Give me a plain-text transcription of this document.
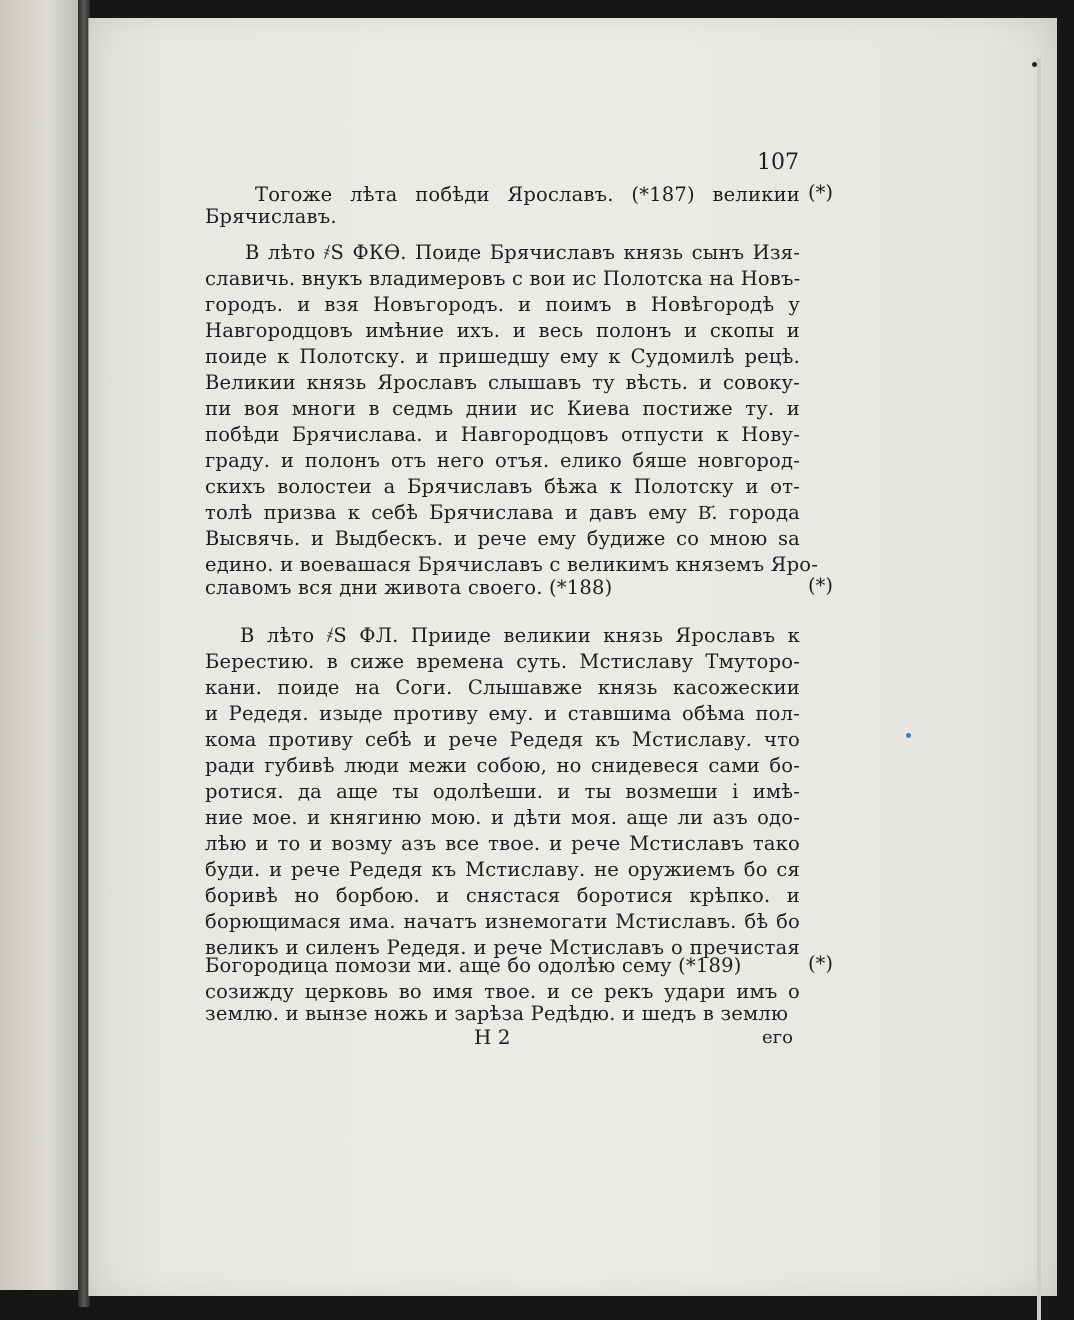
107
Тогоже лѣта побѣди Ярославъ. (*187) великии
Брячиславъ.
В лѣто ҂Ѕ ФКѲ. Поиде Брячиславъ князь сынъ Изя-
славичь. внукъ владимеровъ с вои ис Полотска на Новъ-
городъ. и взя Новъгородъ. и поимъ в Новѣгородѣ у
Навгородцовъ имѣние ихъ. и весь полонъ и скопы и
поиде к Полотску. и пришедшу ему к Судомилѣ рецѣ.
Великии князь Ярославъ слышавъ ту вѣсть. и совоку-
пи воя многи в седмь днии ис Киева постиже ту. и
побѣди Брячислава. и Навгородцовъ отпусти к Нову-
граду. и полонъ отъ него отъя. елико бяше новгород-
скихъ волостеи а Брячиславъ бѣжа к Полотску и от-
толѣ призва к себѣ Брячислава и давъ ему В҃. города
Высвячь. и Выдбескъ. и рече ему будиже со мною ѕа
едино. и воевашася Брячиславъ с великимъ княземъ Яро-
славомъ вся дни живота своего. (*188)
В лѣто ҂Ѕ ФЛ. Прииде великии князь Ярославъ к
Берестию. в сиже времена суть. Мстиславу Тмуторо-
кани. поиде на Соги. Слышавже князь касожескии
и Редедя. изыде противу ему. и ставшима обѣма пол-
кома противу себѣ и рече Редедя къ Мстиславу. что
ради губивѣ люди межи собою, но снидевеся сами бо-
ротися. да аще ты одолѣеши. и ты возмеши і имѣ-
ние мое. и княгиню мою. и дѣти моя. аще ли азъ одо-
лѣю и то и возму азъ все твое. и рече Мстиславъ тако
буди. и рече Редедя къ Мстиславу. не оружиемъ бо ся
боривѣ но борбою. и снястася боротися крѣпко. и
борющимася има. начатъ изнемогати Мстиславъ. бѣ бо
великъ и силенъ Редедя. и рече Мстиславъ о пречистая
Богородица помози ми. аще бо одолѣю сему (*189)
созижду церковь во имя твое. и се рекъ удари имъ о
землю. и вынзе ножь и зарѣза Редѣдю. и шедъ в землю
(*)
(*)
(*)
Н 2	его
